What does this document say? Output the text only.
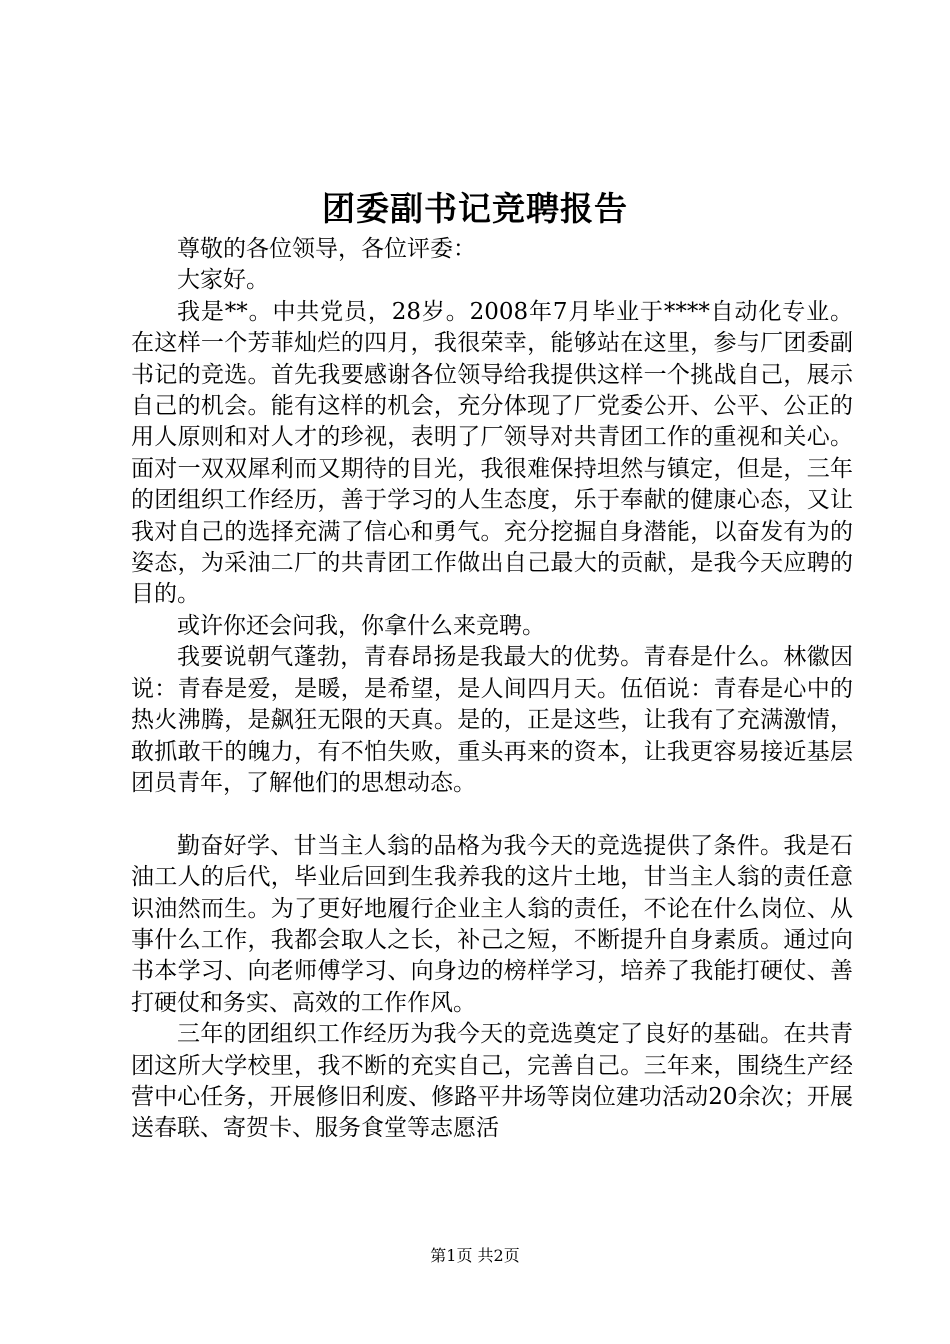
团委副书记竞聘报告

尊敬的各位领导，各位评委：

大家好。

我是**。中共党员，28岁。2008年7月毕业于****自动化专业。在这样一个芳菲灿烂的四月，我很荣幸，能够站在这里，参与厂团委副书记的竞选。首先我要感谢各位领导给我提供这样一个挑战自己，展示自己的机会。能有这样的机会，充分体现了厂党委公开、公平、公正的用人原则和对人才的珍视，表明了厂领导对共青团工作的重视和关心。面对一双双犀利而又期待的目光，我很难保持坦然与镇定，但是，三年的团组织工作经历，善于学习的人生态度，乐于奉献的健康心态，又让我对自己的选择充满了信心和勇气。充分挖掘自身潜能，以奋发有为的姿态，为采油二厂的共青团工作做出自己最大的贡献，是我今天应聘的目的。

或许你还会问我，你拿什么来竞聘。

我要说朝气蓬勃，青春昂扬是我最大的优势。青春是什么。林徽因说：青春是爱，是暖，是希望，是人间四月天。伍佰说：青春是心中的热火沸腾，是飙狂无限的天真。是的，正是这些，让我有了充满激情，敢抓敢干的魄力，有不怕失败，重头再来的资本，让我更容易接近基层团员青年，了解他们的思想动态。

勤奋好学、甘当主人翁的品格为我今天的竞选提供了条件。我是石油工人的后代，毕业后回到生我养我的这片土地，甘当主人翁的责任意识油然而生。为了更好地履行企业主人翁的责任，不论在什么岗位、从事什么工作，我都会取人之长，补己之短，不断提升自身素质。通过向书本学习、向老师傅学习、向身边的榜样学习，培养了我能打硬仗、善打硬仗和务实、高效的工作作风。

三年的团组织工作经历为我今天的竞选奠定了良好的基础。在共青团这所大学校里，我不断的充实自己，完善自己。三年来，围绕生产经营中心任务，开展修旧利废、修路平井场等岗位建功活动20余次；开展送春联、寄贺卡、服务食堂等志愿活

第1页 共2页
